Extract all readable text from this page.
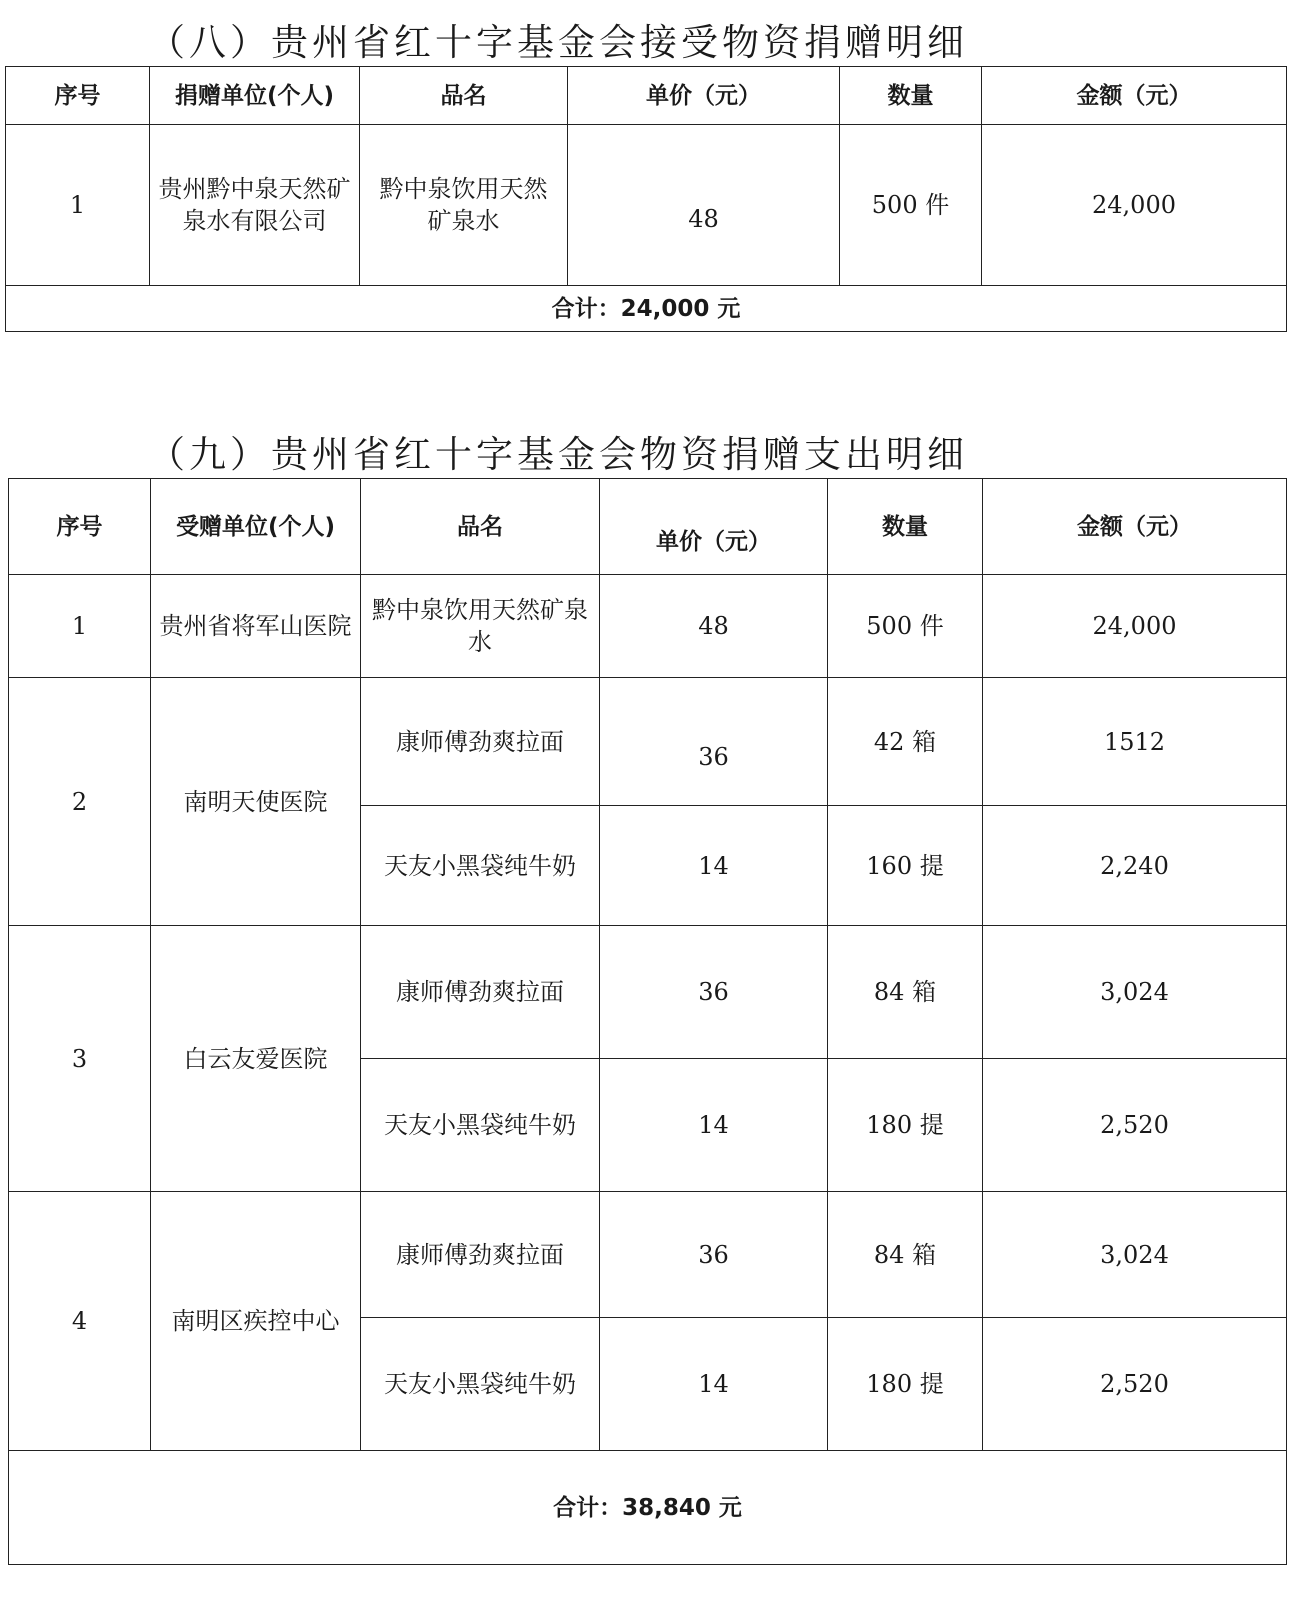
（八）贵州省红十字基金会接受物资捐赠明细
序号	捐赠单位(个人)	品名	单价（元）	数量	金额（元）
1	贵州黔中泉天然矿泉水有限公司	黔中泉饮用天然矿泉水	48	500 件	24,000
合计：24,000 元					
（九）贵州省红十字基金会物资捐赠支出明细
序号	受赠单位(个人)	品名	单价（元）	数量	金额（元）
1	贵州省将军山医院	黔中泉饮用天然矿泉水	48	500 件	24,000
2	南明天使医院	康师傅劲爽拉面	36	42 箱	1512
		天友小黑袋纯牛奶	14	160 提	2,240
3	白云友爱医院	康师傅劲爽拉面	36	84 箱	3,024
		天友小黑袋纯牛奶	14	180 提	2,520
4	南明区疾控中心	康师傅劲爽拉面	36	84 箱	3,024
		天友小黑袋纯牛奶	14	180 提	2,520
合计：38,840 元					
